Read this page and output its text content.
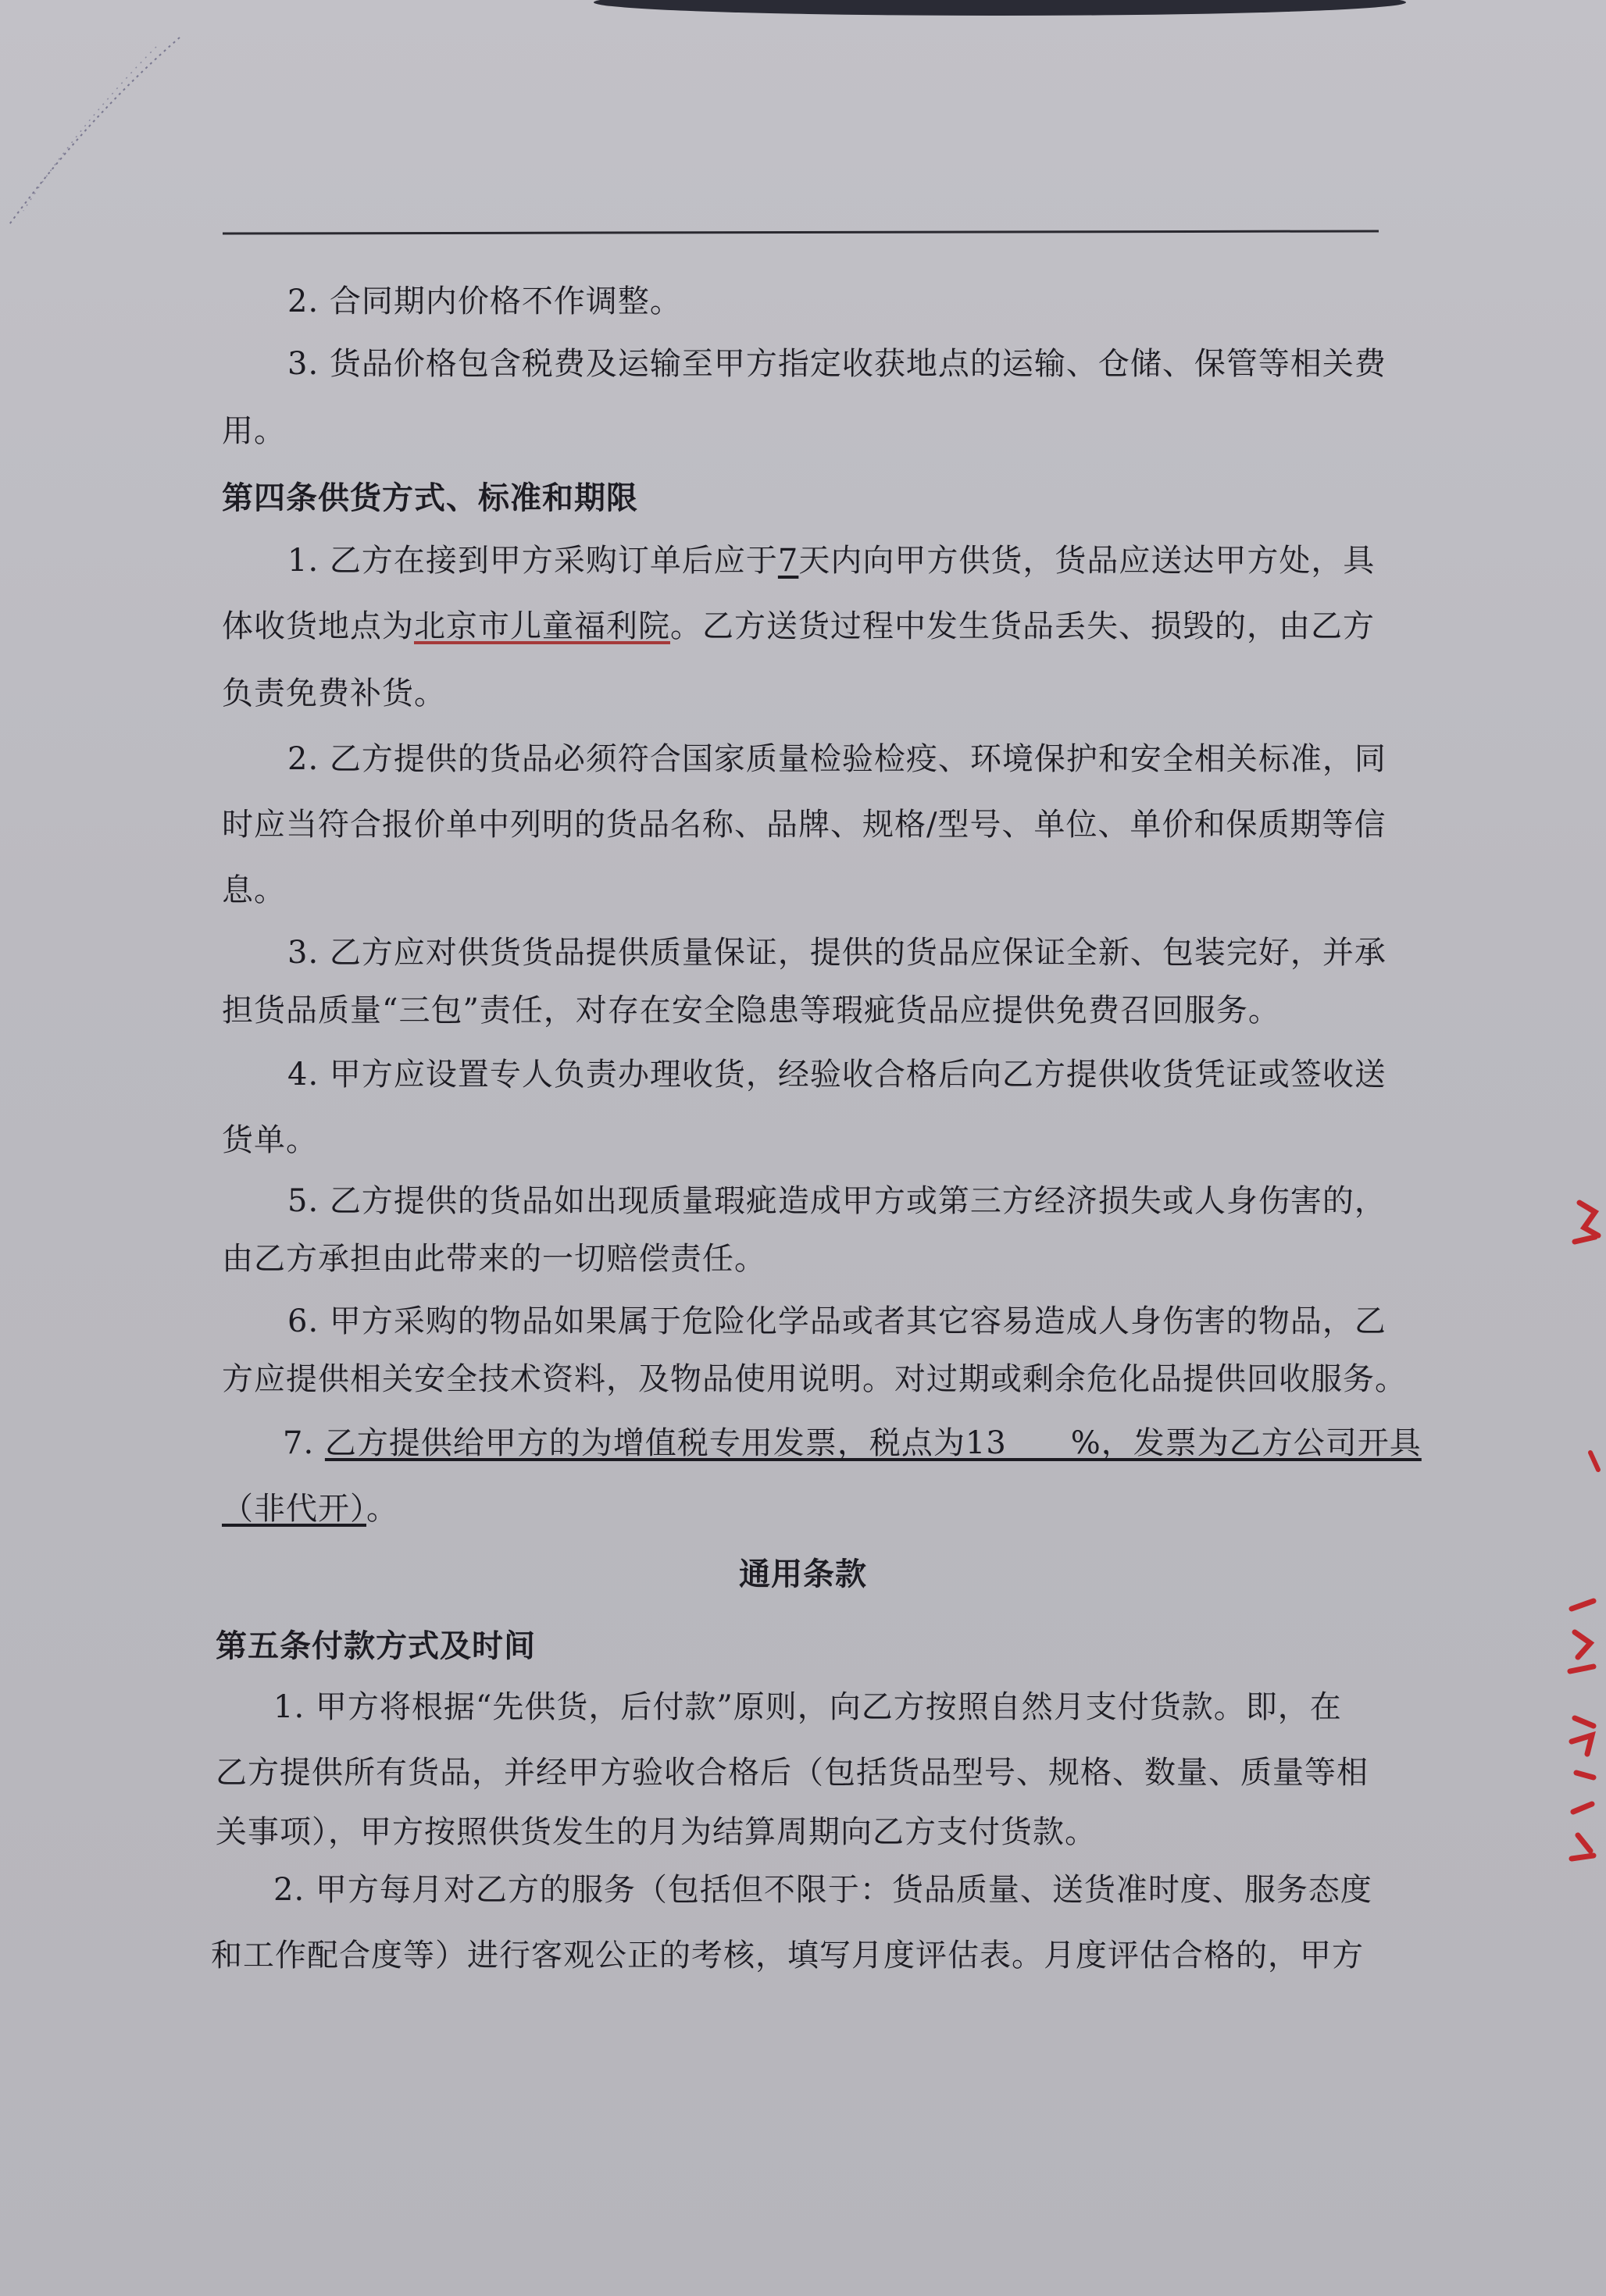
2. 合同期内价格不作调整。
3. 货品价格包含税费及运输至甲方指定收获地点的运输、仓储、保管等相关费
用。
第四条供货方式、标准和期限
1. 乙方在接到甲方采购订单后应于7天内向甲方供货，货品应送达甲方处，具
体收货地点为北京市儿童福利院。乙方送货过程中发生货品丢失、损毁的，由乙方
负责免费补货。
2. 乙方提供的货品必须符合国家质量检验检疫、环境保护和安全相关标准，同
时应当符合报价单中列明的货品名称、品牌、规格/型号、单位、单价和保质期等信
息。
3. 乙方应对供货货品提供质量保证，提供的货品应保证全新、包装完好，并承
担货品质量“三包”责任，对存在安全隐患等瑕疵货品应提供免费召回服务。
4. 甲方应设置专人负责办理收货，经验收合格后向乙方提供收货凭证或签收送
货单。
5. 乙方提供的货品如出现质量瑕疵造成甲方或第三方经济损失或人身伤害的，
由乙方承担由此带来的一切赔偿责任。
6. 甲方采购的物品如果属于危险化学品或者其它容易造成人身伤害的物品，乙
方应提供相关安全技术资料，及物品使用说明。对过期或剩余危化品提供回收服务。
7. 乙方提供给甲方的为增值税专用发票，税点为13　　%，发票为乙方公司开具
（非代开）。
通用条款
第五条付款方式及时间
1. 甲方将根据“先供货，后付款”原则，向乙方按照自然月支付货款。即，在
乙方提供所有货品，并经甲方验收合格后（包括货品型号、规格、数量、质量等相
关事项），甲方按照供货发生的月为结算周期向乙方支付货款。
2. 甲方每月对乙方的服务（包括但不限于：货品质量、送货准时度、服务态度
和工作配合度等）进行客观公正的考核，填写月度评估表。月度评估合格的，甲方
